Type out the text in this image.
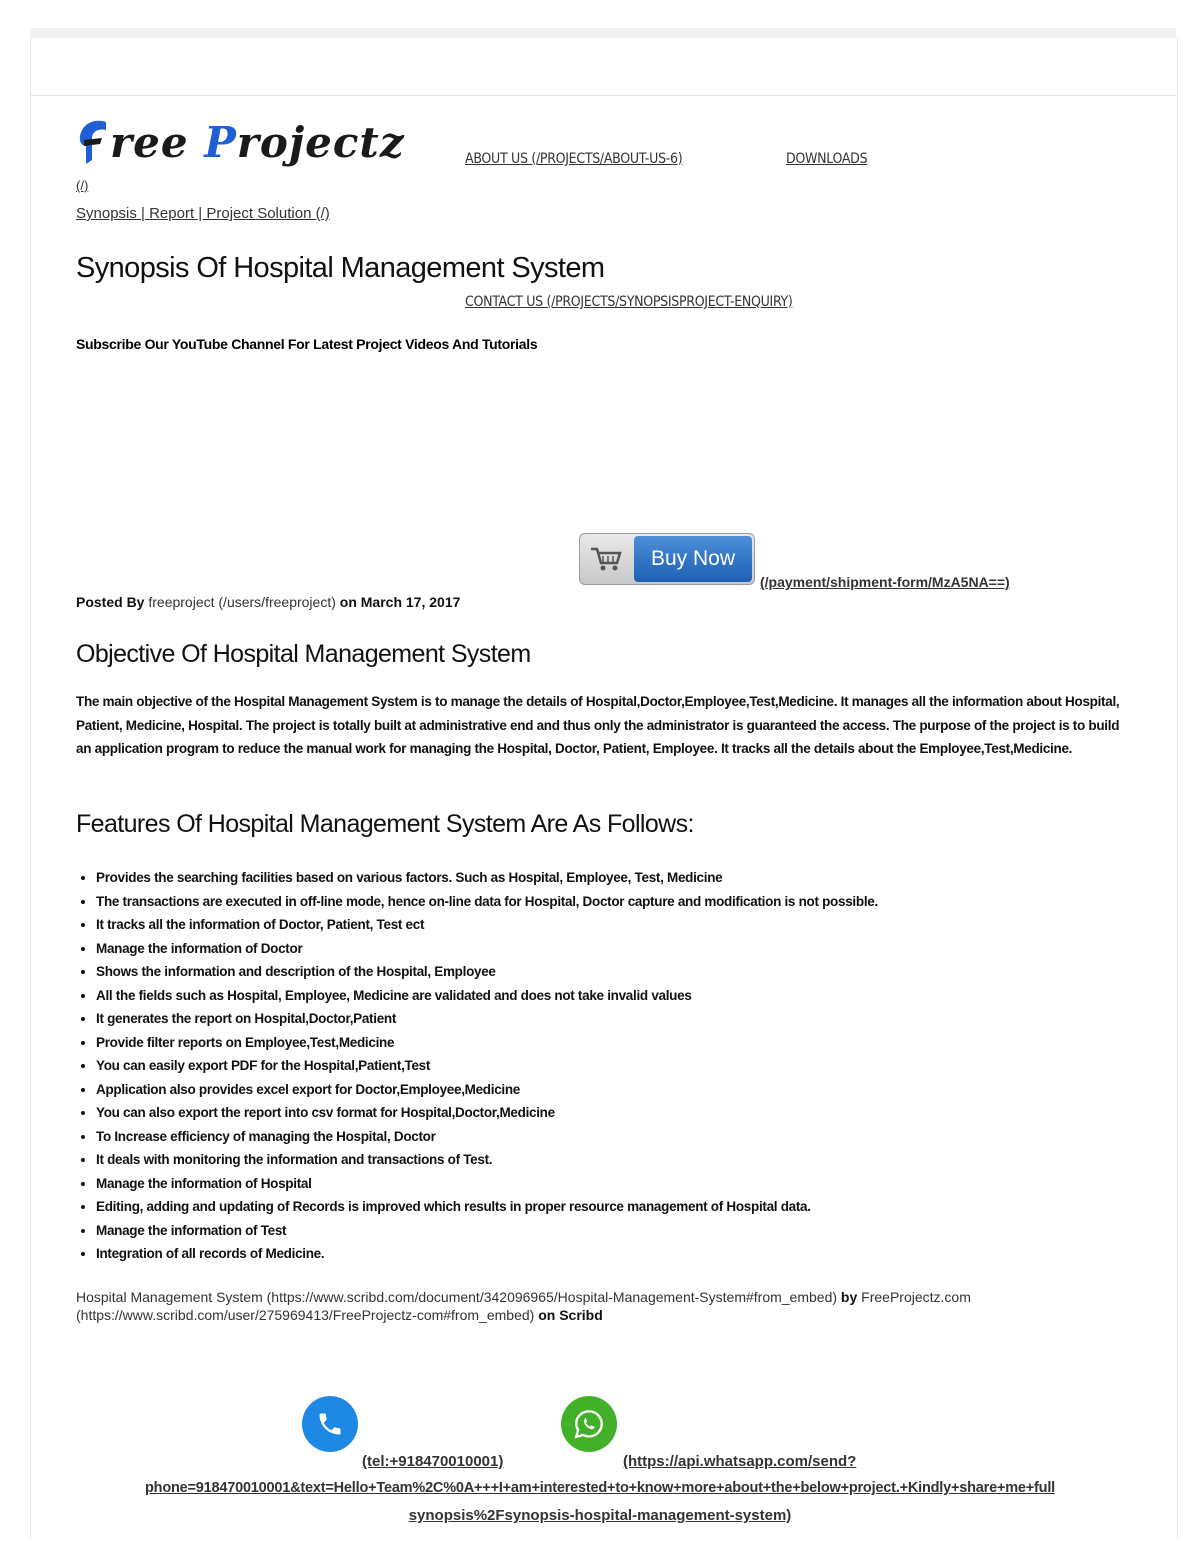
ree Projectz	ABOUT US (/PROJECTS/ABOUT-US-6)	DOWNLOADS
(/)
Synopsis | Report | Project Solution (/)
Synopsis Of Hospital Management System
CONTACT US (/PROJECTS/SYNOPSISPROJECT-ENQUIRY)
Subscribe Our YouTube Channel For Latest Project Videos And Tutorials
Buy Now
(/payment/shipment-form/MzA5NA==)
Posted By freeproject (/users/freeproject) on March 17, 2017
Objective Of Hospital Management System

The main objective of the Hospital Management System is to manage the details of Hospital,Doctor,Employee,Test,Medicine. It manages all the information about Hospital, Patient, Medicine, Hospital. The project is totally built at administrative end and thus only the administrator is guaranteed the access. The purpose of the project is to build an application program to reduce the manual work for managing the Hospital, Doctor, Patient, Employee. It tracks all the details about the Employee,Test,Medicine.

Features Of Hospital Management System Are As Follows:
• Provides the searching facilities based on various factors. Such as Hospital, Employee, Test, Medicine
• The transactions are executed in off-line mode, hence on-line data for Hospital, Doctor capture and modification is not possible.
• It tracks all the information of Doctor, Patient, Test ect
• Manage the information of Doctor
• Shows the information and description of the Hospital, Employee
• All the fields such as Hospital, Employee, Medicine are validated and does not take invalid values
• It generates the report on Hospital,Doctor,Patient
• Provide filter reports on Employee,Test,Medicine
• You can easily export PDF for the Hospital,Patient,Test
• Application also provides excel export for Doctor,Employee,Medicine
• You can also export the report into csv format for Hospital,Doctor,Medicine
• To Increase efficiency of managing the Hospital, Doctor
• It deals with monitoring the information and transactions of Test.
• Manage the information of Hospital
• Editing, adding and updating of Records is improved which results in proper resource management of Hospital data.
• Manage the information of Test
• Integration of all records of Medicine.
Hospital Management System (https://www.scribd.com/document/342096965/Hospital-Management-System#from_embed) by FreeProjectz.com (https://www.scribd.com/user/275969413/FreeProjectz-com#from_embed) on Scribd
(tel:+918470010001)	(https://api.whatsapp.com/send?
phone=918470010001&text=Hello+Team%2C%0A+++I+am+interested+to+know+more+about+the+below+project.+Kindly+share+me+full
synopsis%2Fsynopsis-hospital-management-system)
